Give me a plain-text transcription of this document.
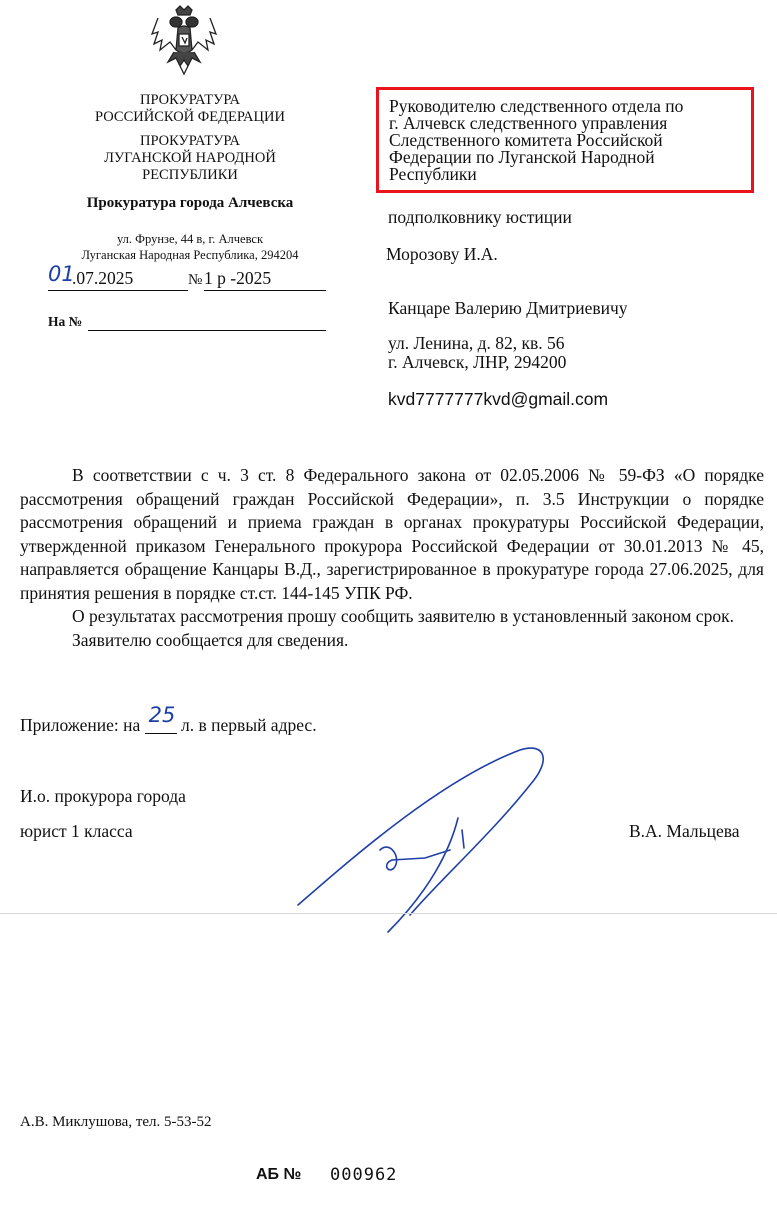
ПРОКУРАТУРА
РОССИЙСКОЙ ФЕДЕРАЦИИ
ПРОКУРАТУРА
ЛУГАНСКОЙ НАРОДНОЙ
РЕСПУБЛИКИ
Прокуратура города Алчевска
ул. Фрунзе, 44 в, г. Алчевск
Луганская Народная Республика, 294204
01
.07.2025	№ 1 р -2025
На №
Руководителю следственного отдела по
г. Алчевск следственного управления
Следственного комитета Российской
Федерации по Луганской Народной
Республики
подполковнику юстиции
Морозову И.А.
Канцаре Валерию Дмитриевичу
ул. Ленина, д. 82, кв. 56
г. Алчевск, ЛНР, 294200
kvd7777777kvd@gmail.com

В соответствии с ч. 3 ст. 8 Федерального закона от 02.05.2006 № 59-ФЗ «О порядке рассмотрения обращений граждан Российской Федерации», п. 3.5 Инструкции о порядке рассмотрения обращений и приема граждан в органах прокуратуры Российской Федерации, утвержденной приказом Генерального прокурора Российской Федерации от 30.01.2013 № 45, направляется обращение Канцары В.Д., зарегистрированное в прокуратуре города 27.06.2025, для принятия решения в порядке ст.ст. 144-145 УПК РФ.

О результатах рассмотрения прошу сообщить заявителю в установленный законом срок.

Заявителю сообщается для сведения.

Приложение: на 25 л. в первый адрес.
И.о. прокурора города
юрист 1 класса	В.А. Мальцева
А.В. Миклушова, тел. 5-53-52
АБ № 000962
